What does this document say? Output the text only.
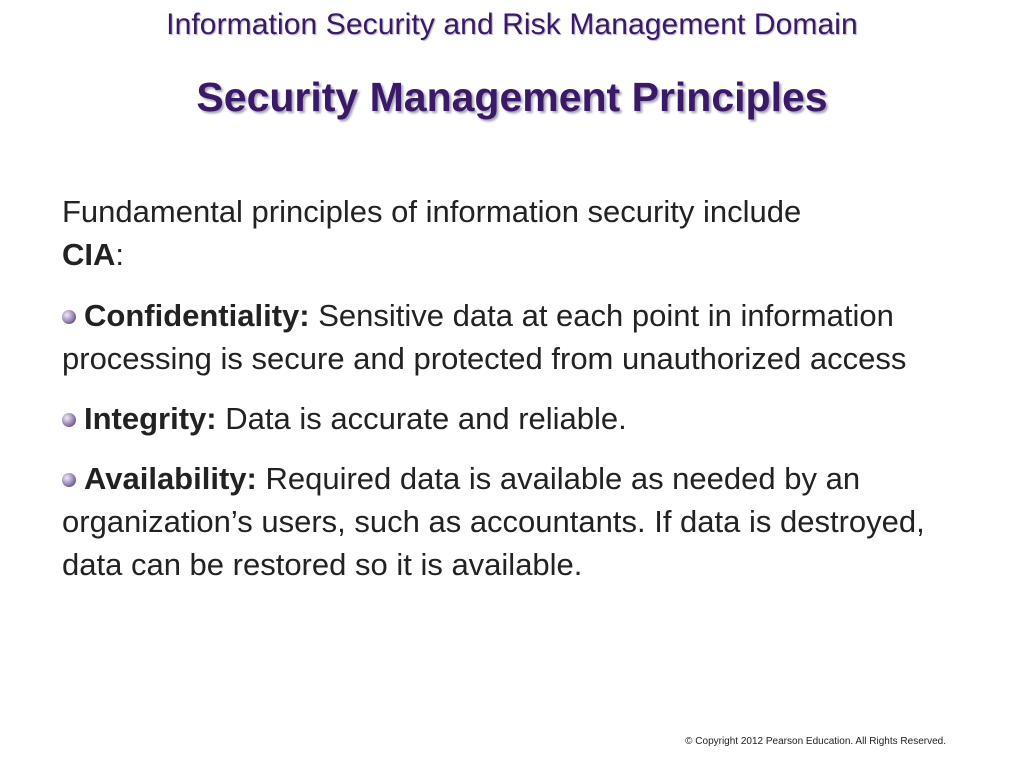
Information Security and Risk Management Domain
Security Management Principles
Fundamental principles of information security include
CIA:
Confidentiality: Sensitive data at each point in information processing is secure and protected from unauthorized access
Integrity: Data is accurate and reliable.
Availability: Required data is available as needed by an organization’s users, such as accountants. If data is destroyed, data can be restored so it is available.
© Copyright 2012 Pearson Education. All Rights Reserved.
